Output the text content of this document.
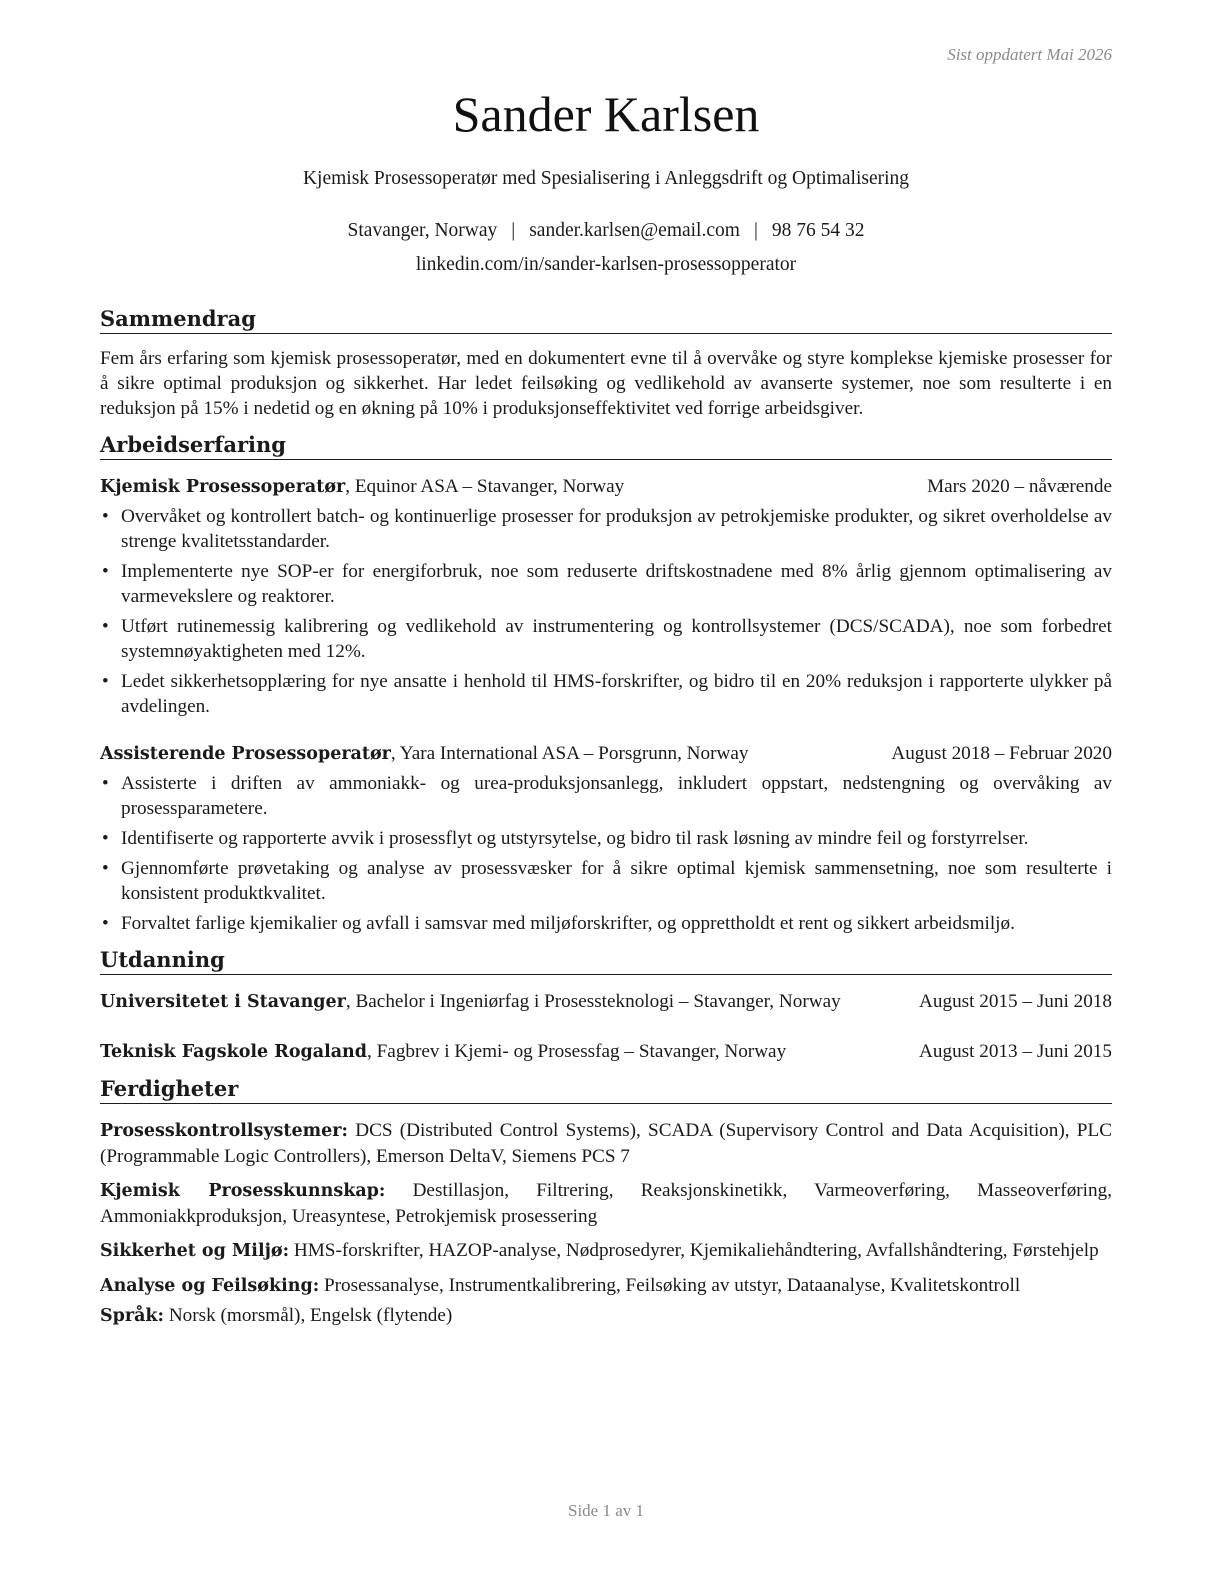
Sist oppdatert Mai 2026
Sander Karlsen
Kjemisk Prosessoperatør med Spesialisering i Anleggsdrift og Optimalisering
Stavanger, Norway | sander.karlsen@email.com | 98 76 54 32
linkedin.com/in/sander-karlsen-prosessopperator
Sammendrag

Fem års erfaring som kjemisk prosessoperatør, med en dokumentert evne til å overvåke og styre komplekse kjemiske prosesser for å sikre optimal produksjon og sikkerhet. Har ledet feilsøking og vedlikehold av avanserte systemer, noe som resulterte i en reduksjon på 15% i nedetid og en økning på 10% i produksjonseffektivitet ved forrige arbeidsgiver.

Arbeidserfaring
Kjemisk Prosessoperatør, Equinor ASA – Stavanger, Norway	Mars 2020 – nåværende
• Overvåket og kontrollert batch- og kontinuerlige prosesser for produksjon av petrokjemiske produkter, og sikret overholdelse av strenge kvalitetsstandarder.
• Implementerte nye SOP-er for energiforbruk, noe som reduserte driftskostnadene med 8% årlig gjennom optimalisering av varmevekslere og reaktorer.
• Utført rutinemessig kalibrering og vedlikehold av instrumentering og kontrollsystemer (DCS/SCADA), noe som forbedret systemnøyaktigheten med 12%.
• Ledet sikkerhetsopplæring for nye ansatte i henhold til HMS-forskrifter, og bidro til en 20% reduksjon i rapporterte ulykker på avdelingen.
Assisterende Prosessoperatør, Yara International ASA – Porsgrunn, Norway	August 2018 – Februar 2020
• Assisterte i driften av ammoniakk- og urea-produksjonsanlegg, inkludert oppstart, nedstengning og overvåking av prosessparametere.
• Identifiserte og rapporterte avvik i prosessflyt og utstyrsytelse, og bidro til rask løsning av mindre feil og forstyrrelser.
• Gjennomførte prøvetaking og analyse av prosessvæsker for å sikre optimal kjemisk sammensetning, noe som resulterte i konsistent produktkvalitet.
• Forvaltet farlige kjemikalier og avfall i samsvar med miljøforskrifter, og opprettholdt et rent og sikkert arbeidsmiljø.
Utdanning
Universitetet i Stavanger, Bachelor i Ingeniørfag i Prosessteknologi – Stavanger, Norway	August 2015 – Juni 2018
Teknisk Fagskole Rogaland, Fagbrev i Kjemi- og Prosessfag – Stavanger, Norway	August 2013 – Juni 2015
Ferdigheter
Prosesskontrollsystemer: DCS (Distributed Control Systems), SCADA (Supervisory Control and Data Acquisition), PLC (Programmable Logic Controllers), Emerson DeltaV, Siemens PCS 7
Kjemisk Prosesskunnskap: Destillasjon, Filtrering, Reaksjonskinetikk, Varmeoverføring, Masseoverføring, Ammoniakkproduksjon, Ureasyntese, Petrokjemisk prosessering
Sikkerhet og Miljø: HMS-forskrifter, HAZOP-analyse, Nødprosedyrer, Kjemikaliehåndtering, Avfallshåndtering, Førstehjelp
Analyse og Feilsøking: Prosessanalyse, Instrumentkalibrering, Feilsøking av utstyr, Dataanalyse, Kvalitetskontroll
Språk: Norsk (morsmål), Engelsk (flytende)
Side 1 av 1
